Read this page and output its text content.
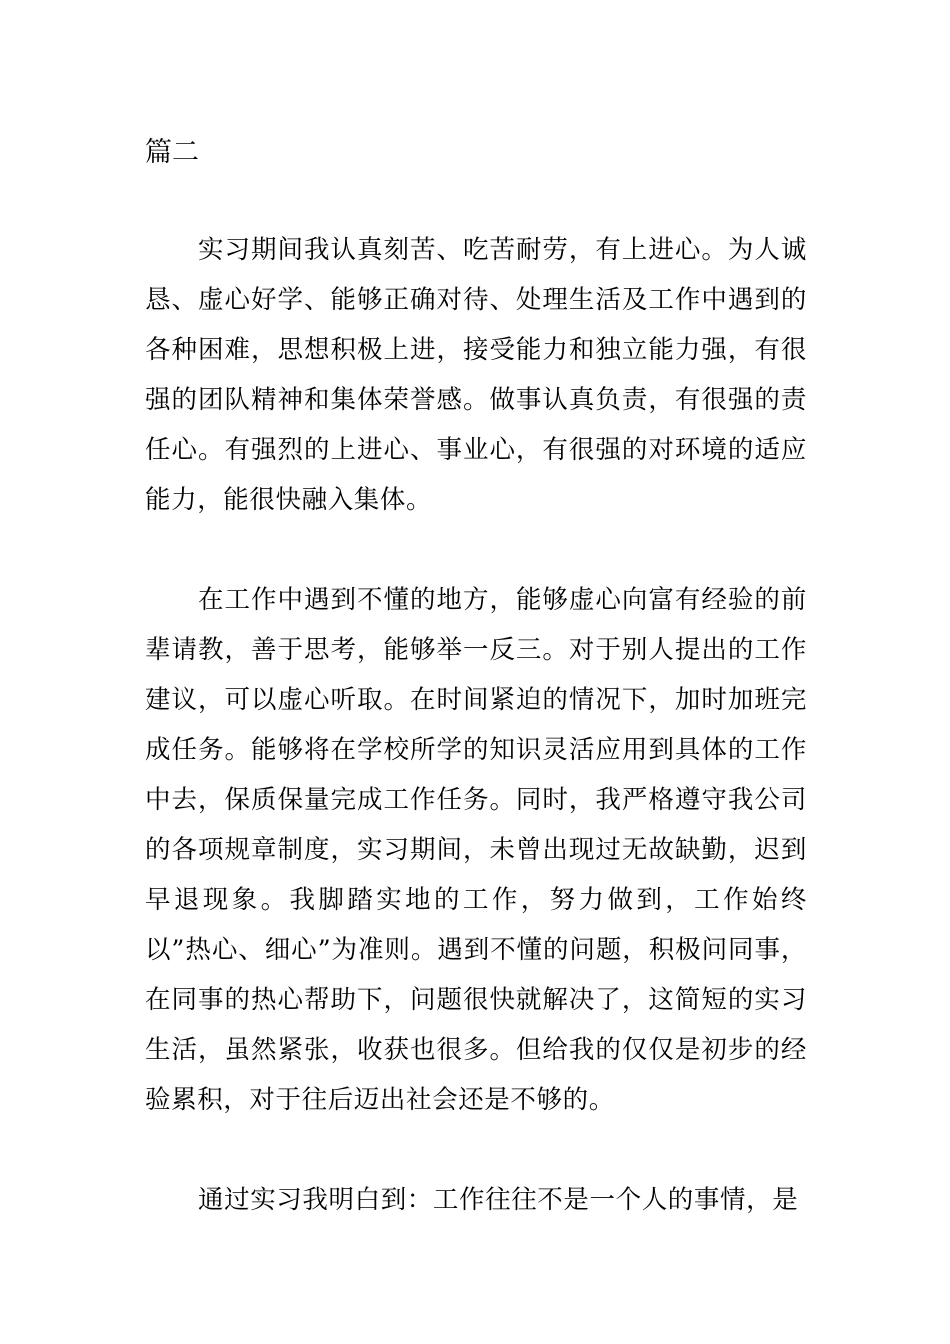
篇二

实习期间我认真刻苦、吃苦耐劳，有上进心。为人诚恳、虚心好学、能够正确对待、处理生活及工作中遇到的各种困难，思想积极上进，接受能力和独立能力强，有很强的团队精神和集体荣誉感。做事认真负责，有很强的责任心。有强烈的上进心、事业心，有很强的对环境的适应能力，能很快融入集体。

在工作中遇到不懂的地方，能够虚心向富有经验的前辈请教，善于思考，能够举一反三。对于别人提出的工作建议，可以虚心听取。在时间紧迫的情况下，加时加班完成任务。能够将在学校所学的知识灵活应用到具体的工作中去，保质保量完成工作任务。同时，我严格遵守我公司的各项规章制度，实习期间，未曾出现过无故缺勤，迟到早退现象。我脚踏实地的工作，努力做到，工作始终以”热心、细心”为准则。遇到不懂的问题，积极问同事，在同事的热心帮助下，问题很快就解决了，这简短的实习生活，虽然紧张，收获也很多。但给我的仅仅是初步的经验累积，对于往后迈出社会还是不够的。

通过实习我明白到：工作往往不是一个人的事情，是
